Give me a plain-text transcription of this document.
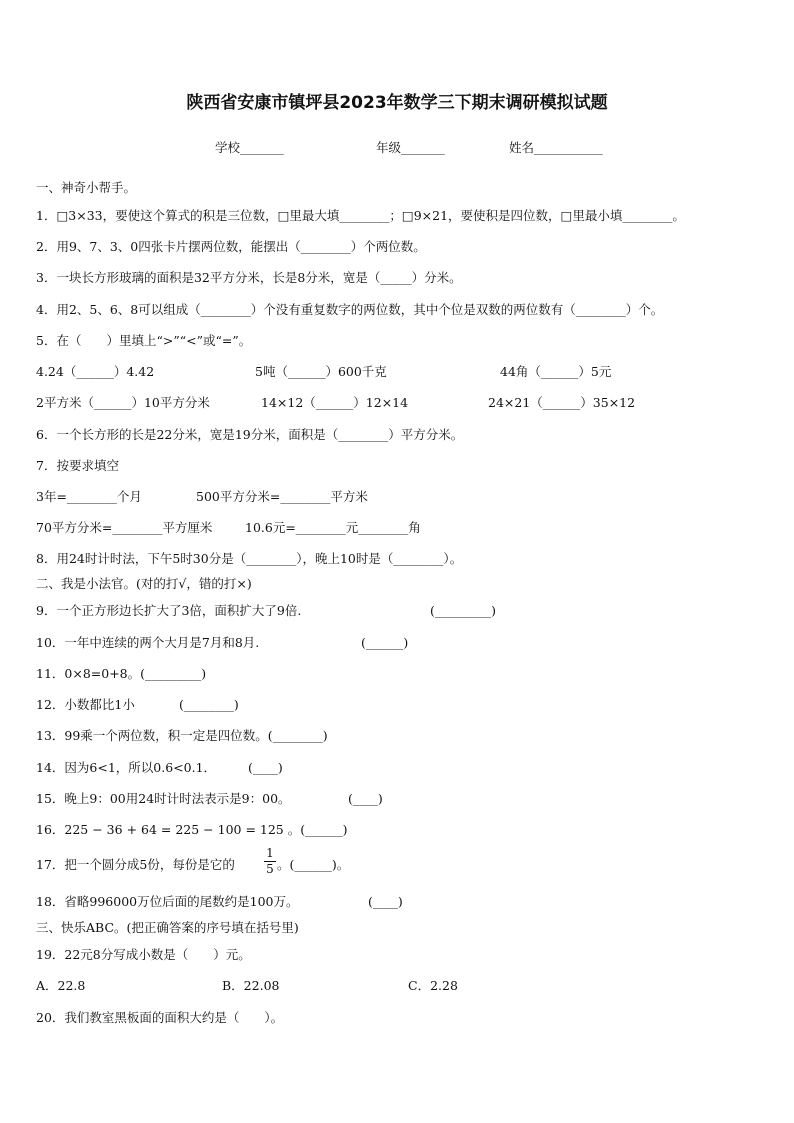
陕西省安康市镇坪县2023年数学三下期末调研模拟试题
学校_______	年级_______	姓名___________
一、神奇小帮手。
1．□3×33，要使这个算式的积是三位数，□里最大填________；□9×21，要使积是四位数，□里最小填________。
2．用9、7、3、0四张卡片摆两位数，能摆出（________）个两位数。
3．一块长方形玻璃的面积是32平方分米，长是8分米，宽是（_____）分米。
4．用2、5、6、8可以组成（________）个没有重复数字的两位数，其中个位是双数的两位数有（________）个。
5．在（　　）里填上“>”“<”或“=”。
4.24（______）4.42	5吨（______）600千克	44角（______）5元
2平方米（______）10平方分米	14×12（______）12×14	24×21（______）35×12
6．一个长方形的长是22分米，宽是19分米，面积是（________）平方分米。
7．按要求填空
3年=________个月	500平方分米=________平方米
70平方分米=________平方厘米	10.6元=________元________角
8．用24时计时法，下午5时30分是（________），晚上10时是（________）。
二、我是小法官。(对的打√，错的打×)
9．一个正方形边长扩大了3倍，面积扩大了9倍.	(_________)
10．一年中连续的两个大月是7月和8月.	(______)
11．0×8=0+8。(_________)
12．小数都比1小	(________)
13．99乘一个两位数，积一定是四位数。(________)
14．因为6<1，所以0.6<0.1．	(____)
15．晚上9：00用24时计时法表示是9：00。	(____)
16．225 − 36 + 64 = 225 − 100 = 125 。(______)
17．把一个圆分成5份，每份是它的
1
5 。(______)。
18．省略996000万位后面的尾数约是100万。	(____)
三、快乐ABC。(把正确答案的序号填在括号里)
19．22元8分写成小数是（　　）元。
A．22.8	B．22.08	C．2.28
20．我们教室黑板面的面积大约是（　　）。
